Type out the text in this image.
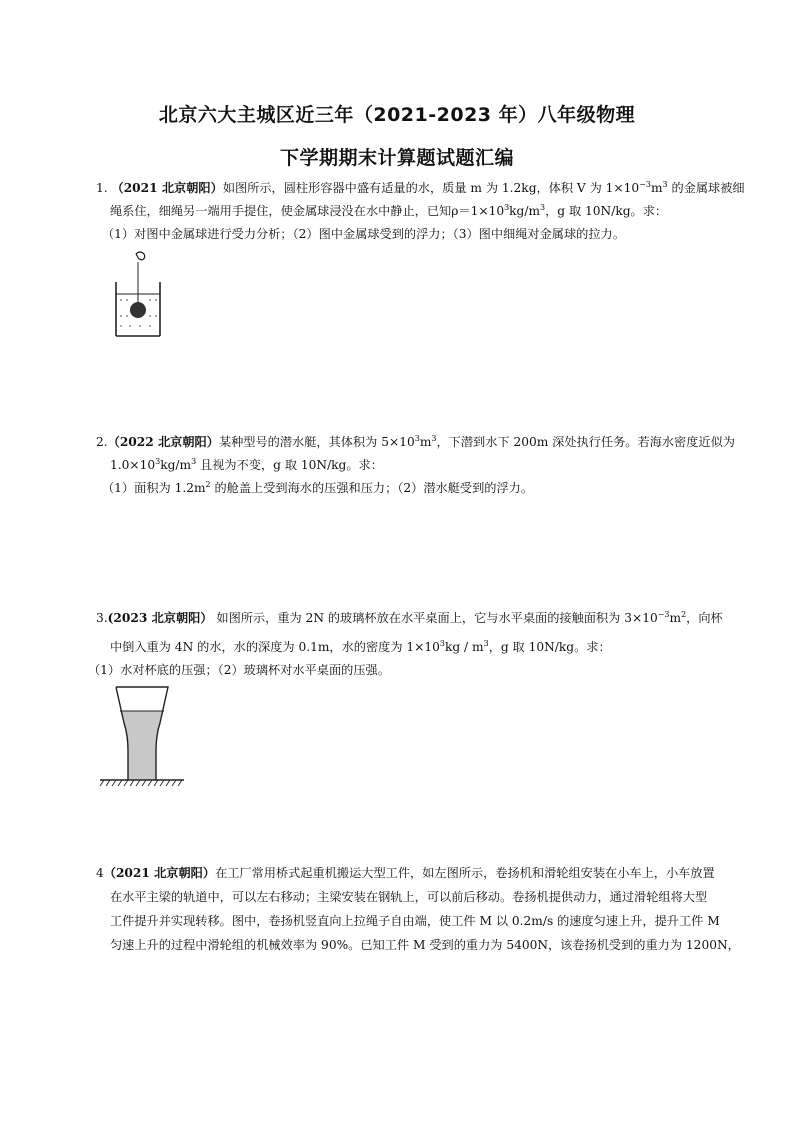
北京六大主城区近三年（2021-2023 年）八年级物理
下学期期末计算题试题汇编
1. （2021 北京朝阳）如图所示，圆柱形容器中盛有适量的水，质量 m 为 1.2kg，体积 V 为 $1\times 10^{-3}m^3$ 的金属球被细
绳系住，细绳另一端用手提住，使金属球浸没在水中静止，已知$\rho=1\times 10^3kg/m^3$，g 取 10N/kg。求：
（1）对图中金属球进行受力分析；（2）图中金属球受到的浮力；（3）图中细绳对金属球的拉力。
2.（2022 北京朝阳）某种型号的潜水艇，其体积为 $5\times 10^3m^3$，下潜到水下 200m 深处执行任务。若海水密度近似为
$1.0\times 10^3kg/m^3$ 且视为不变，g 取 10N/kg。求：
（1）面积为 $1.2m^2$ 的舱盖上受到海水的压强和压力；（2）潜水艇受到的浮力。
3.(2023 北京朝阳） 如图所示，重为 2N 的玻璃杯放在水平桌面上，它与水平桌面的接触面积为 $3\times 10^{-3}m^2$，向杯
中倒入重为 4N 的水，水的深度为 0.1m，水的密度为 $1\times 10^3kg / m^3$，g 取 10N/kg。求：
（1）水对杯底的压强；（2）玻璃杯对水平桌面的压强。
4（2021 北京朝阳）在工厂常用桥式起重机搬运大型工件，如左图所示，卷扬机和滑轮组安装在小车上，小车放置
在水平主梁的轨道中，可以左右移动；主梁安装在钢轨上，可以前后移动。卷扬机提供动力，通过滑轮组将大型
工件提升并实现转移。图中，卷扬机竖直向上拉绳子自由端，使工件 M 以 0.2m/s 的速度匀速上升，提升工件 M
匀速上升的过程中滑轮组的机械效率为 90%。已知工件 M 受到的重力为 5400N，该卷扬机受到的重力为 1200N，
